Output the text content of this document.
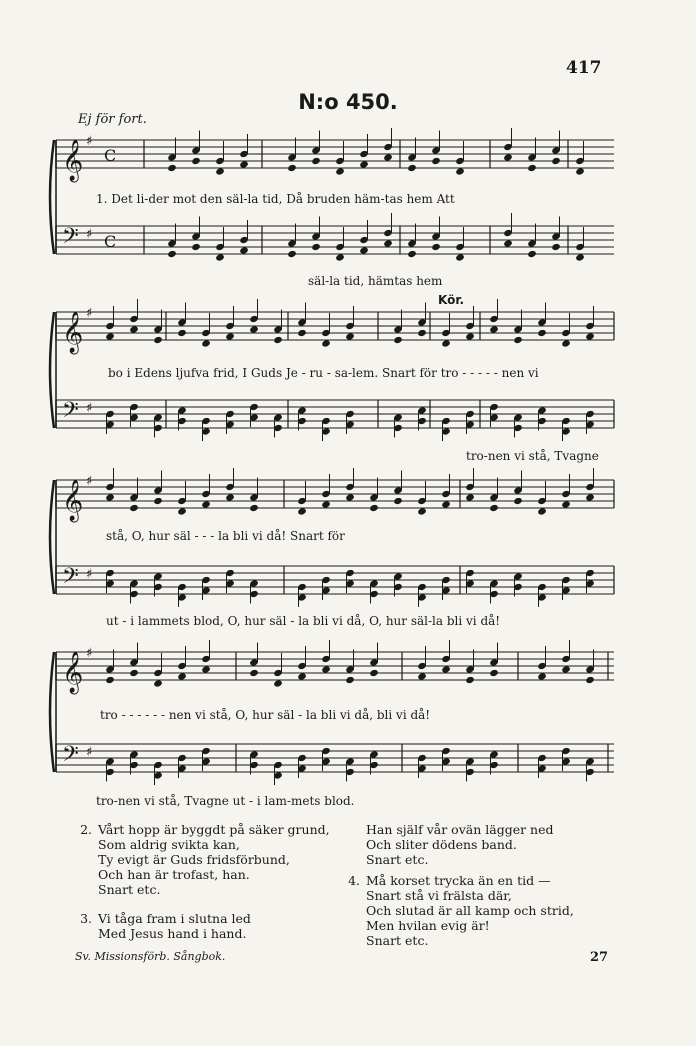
417
N:o 450.
Ej för fort.
𝄞 ♯
C
𝄢 ♯ C
1. Det li-der mot den säl-la tid, Då bruden häm-tas hem Att
säl-la tid, hämtas hem
𝄞 ♯
𝄢 ♯
Kör.
bo i Edens ljufva frid, I Guds Je - ru - sa-lem. Snart för tro - - - - - nen vi
tro-nen vi stå, Tvagne
𝄞 ♯
𝄢 ♯
stå, O, hur säl - - - la bli vi då! Snart för
ut - i lammets blod, O, hur säl - la bli vi då, O, hur säl-la bli vi då!
𝄞 ♯
𝄢 ♯
tro - - - - - - nen vi stå, O, hur säl - la bli vi då, bli vi då!
tro-nen vi stå, Tvagne ut - i lam-mets blod.
2. Vårt hopp är byggdt på säker grund,
Som aldrig svikta kan,
Ty evigt är Guds fridsförbund,
Och han är trofast, han.
Snart etc.
3. Vi tåga fram i slutna led
Med Jesus hand i hand.
Han själf vår ovän lägger ned
Och sliter dödens band.
Snart etc.
4. Må korset trycka än en tid —
Snart stå vi frälsta där,
Och slutad är all kamp och strid,
Men hvilan evig är!
Snart etc.
Sv. Missionsförb. Sångbok.	27
